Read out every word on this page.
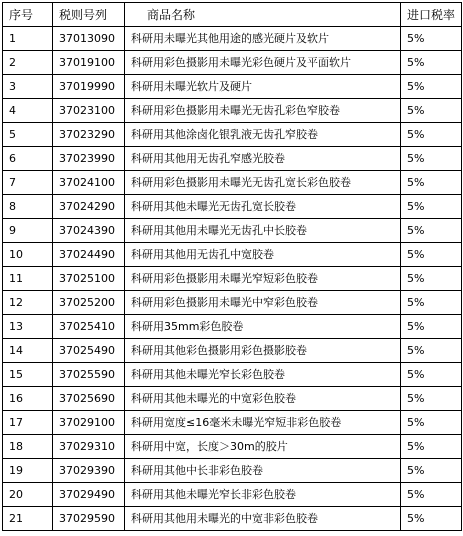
序号	税则号列	商品名称	进口税率
1	37013090	科研用未曝光其他用途的感光硬片及软片	5%
2	37019100	科研用彩色摄影用未曝光彩色硬片及平面软片	5%
3	37019990	科研用未曝光软片及硬片	5%
4	37023100	科研用彩色摄影用未曝光无齿孔彩色窄胶卷	5%
5	37023290	科研用其他涂卤化银乳液无齿孔窄胶卷	5%
6	37023990	科研用其他用无齿孔窄感光胶卷	5%
7	37024100	科研用彩色摄影用未曝光无齿孔宽长彩色胶卷	5%
8	37024290	科研用其他未曝光无齿孔宽长胶卷	5%
9	37024390	科研用其他用未曝光无齿孔中长胶卷	5%
10	37024490	科研用其他用无齿孔中宽胶卷	5%
11	37025100	科研用彩色摄影用未曝光窄短彩色胶卷	5%
12	37025200	科研用彩色摄影用未曝光中窄彩色胶卷	5%
13	37025410	科研用35mm彩色胶卷	5%
14	37025490	科研用其他彩色摄影用彩色摄影胶卷	5%
15	37025590	科研用其他未曝光窄长彩色胶卷	5%
16	37025690	科研用其他未曝光的中宽彩色胶卷	5%
17	37029100	科研用宽度≤16毫米未曝光窄短非彩色胶卷	5%
18	37029310	科研用中宽，长度＞30m的胶片	5%
19	37029390	科研用其他中长非彩色胶卷	5%
20	37029490	科研用其他未曝光窄长非彩色胶卷	5%
21	37029590	科研用其他用未曝光的中宽非彩色胶卷	5%
